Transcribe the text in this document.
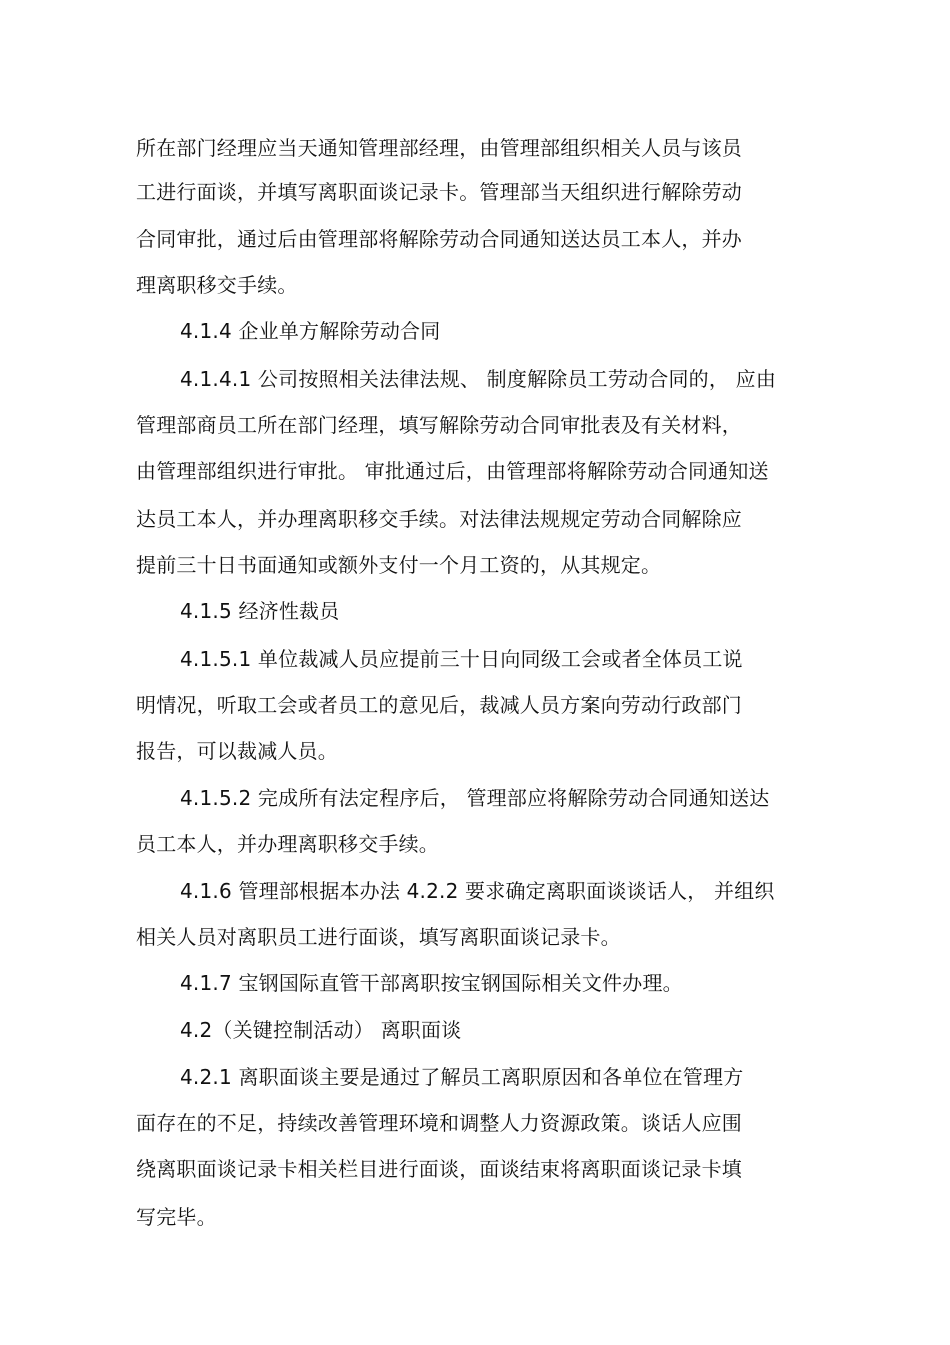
所在部门经理应当天通知管理部经理，由管理部组织相关人员与该员
工进行面谈，并填写离职面谈记录卡。管理部当天组织进行解除劳动
合同审批，通过后由管理部将解除劳动合同通知送达员工本人，并办
理离职移交手续。
4.1.4 企业单方解除劳动合同
4.1.4.1 公司按照相关法律法规、 制度解除员工劳动合同的， 应由
管理部商员工所在部门经理，填写解除劳动合同审批表及有关材料，
由管理部组织进行审批。 审批通过后，由管理部将解除劳动合同通知送
达员工本人，并办理离职移交手续。对法律法规规定劳动合同解除应
提前三十日书面通知或额外支付一个月工资的，从其规定。
4.1.5 经济性裁员
4.1.5.1 单位裁减人员应提前三十日向同级工会或者全体员工说
明情况，听取工会或者员工的意见后，裁减人员方案向劳动行政部门
报告，可以裁减人员。
4.1.5.2 完成所有法定程序后， 管理部应将解除劳动合同通知送达
员工本人，并办理离职移交手续。
4.1.6 管理部根据本办法 4.2.2 要求确定离职面谈谈话人， 并组织
相关人员对离职员工进行面谈，填写离职面谈记录卡。
4.1.7 宝钢国际直管干部离职按宝钢国际相关文件办理。
4.2（关键控制活动） 离职面谈
4.2.1 离职面谈主要是通过了解员工离职原因和各单位在管理方
面存在的不足，持续改善管理环境和调整人力资源政策。谈话人应围
绕离职面谈记录卡相关栏目进行面谈，面谈结束将离职面谈记录卡填
写完毕。
